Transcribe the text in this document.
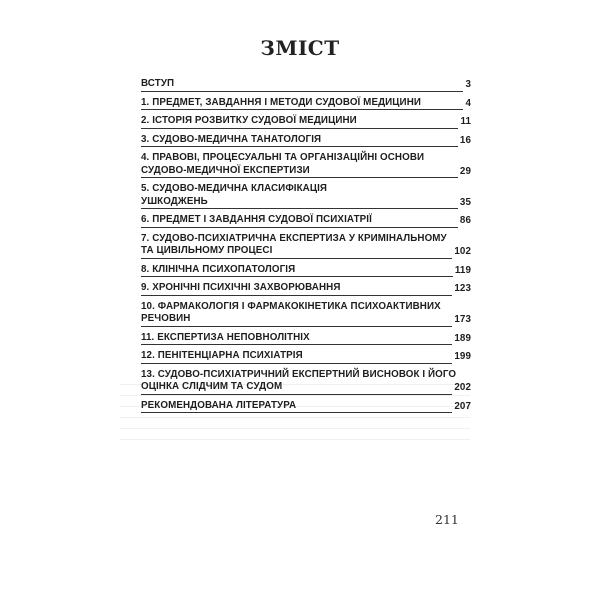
ЗМІСТ
ВСТУП	3
1. ПРЕДМЕТ, ЗАВДАННЯ І МЕТОДИ СУДОВОЇ МЕДИЦИНИ	4
2. ІСТОРІЯ РОЗВИТКУ СУДОВОЇ МЕДИЦИНИ	11
3. СУДОВО-МЕДИЧНА ТАНАТОЛОГІЯ	16
4. ПРАВОВІ, ПРОЦЕСУАЛЬНІ ТА ОРГАНІЗАЦІЙНІ ОСНОВИ
СУДОВО-МЕДИЧНОЇ ЕКСПЕРТИЗИ	29
5. СУДОВО-МЕДИЧНА КЛАСИФІКАЦІЯ
УШКОДЖЕНЬ	35
6. ПРЕДМЕТ І ЗАВДАННЯ СУДОВОЇ ПСИХІАТРІЇ	86
7. СУДОВО-ПСИХІАТРИЧНА ЕКСПЕРТИЗА У КРИМІНАЛЬНОМУ
ТА ЦИВІЛЬНОМУ ПРОЦЕСІ	102
8. КЛІНІЧНА ПСИХОПАТОЛОГІЯ	119
9. ХРОНІЧНІ ПСИХІЧНІ ЗАХВОРЮВАННЯ	123
10. ФАРМАКОЛОГІЯ І ФАРМАКОКІНЕТИКА ПСИХОАКТИВНИХ
РЕЧОВИН	173
11. ЕКСПЕРТИЗА НЕПОВНОЛІТНІХ	189
12. ПЕНІТЕНЦІАРНА ПСИХІАТРІЯ	199
13. СУДОВО-ПСИХІАТРИЧНИЙ ЕКСПЕРТНИЙ ВИСНОВОК І ЙОГО
ОЦІНКА СЛІДЧИМ ТА СУДОМ	202
РЕКОМЕНДОВАНА ЛІТЕРАТУРА	207
211
